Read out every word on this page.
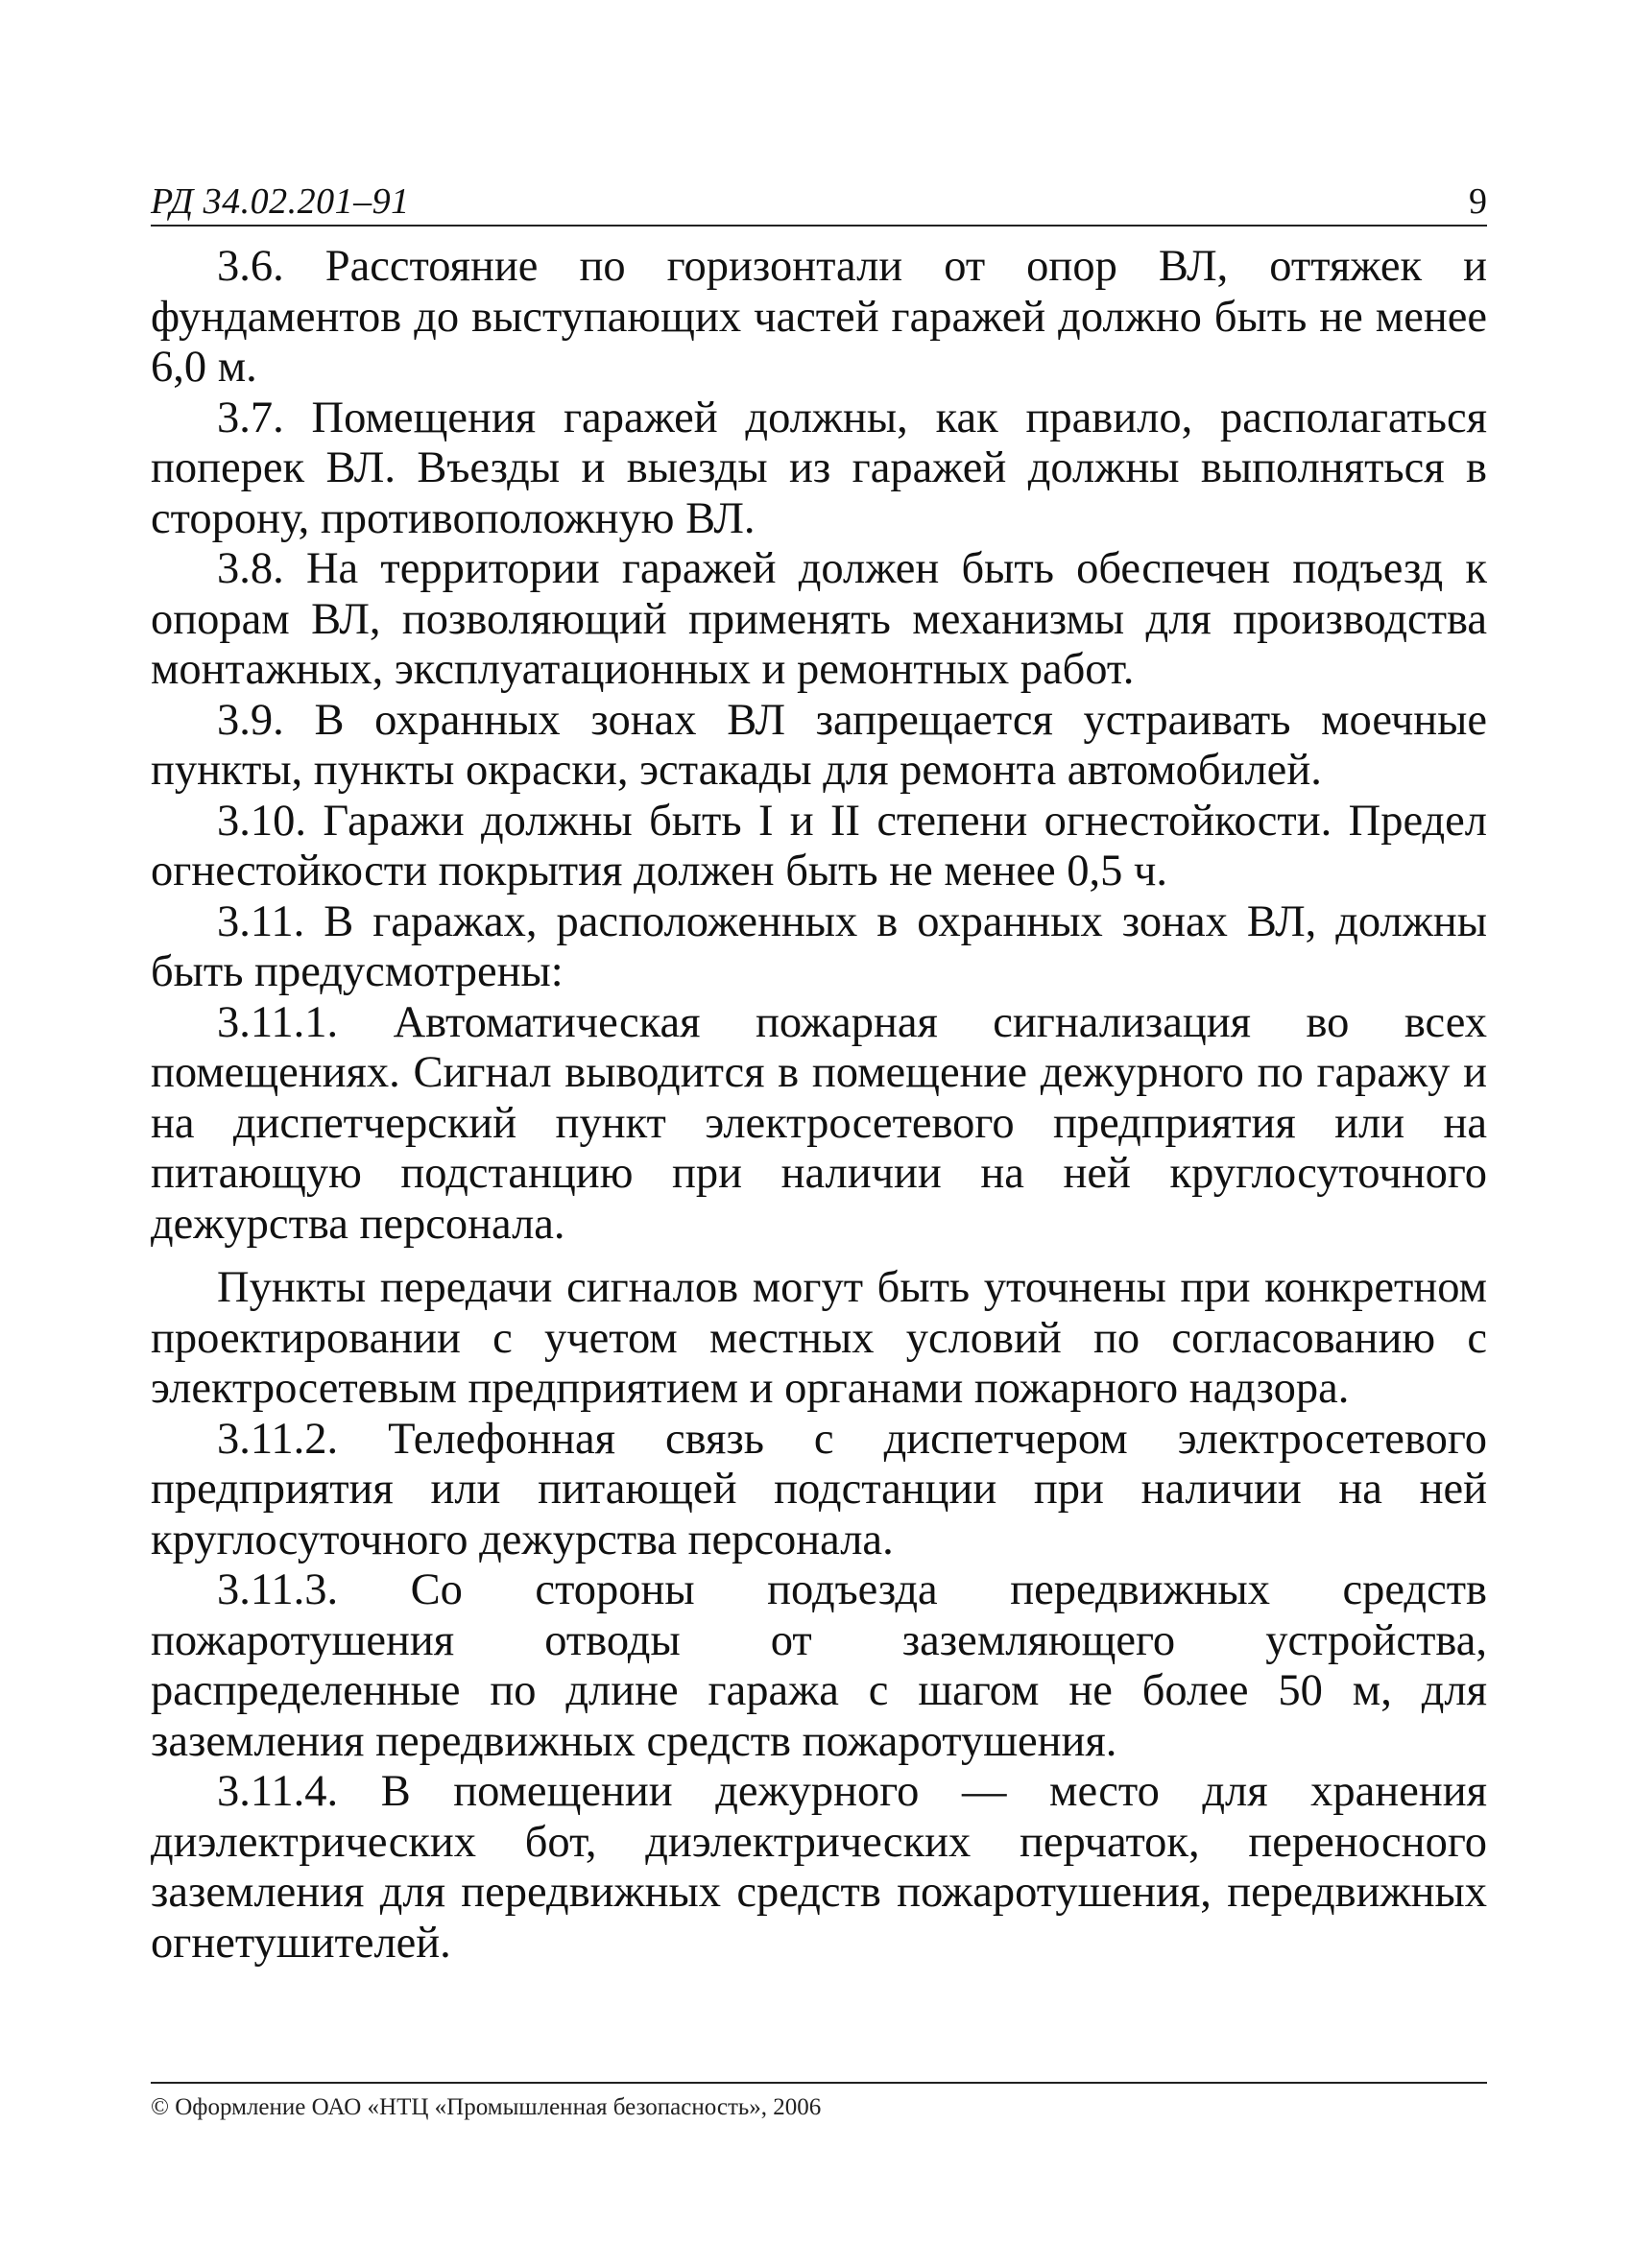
РД 34.02.201–91	9

3.6. Расстояние по горизонтали от опор ВЛ, оттяжек и фундаментов до выступающих частей гаражей должно быть не менее 6,0 м.

3.7. Помещения гаражей должны, как правило, располагаться поперек ВЛ. Въезды и выезды из гаражей должны выполняться в сторону, противоположную ВЛ.

3.8. На территории гаражей должен быть обеспечен подъезд к опорам ВЛ, позволяющий применять механизмы для производства монтажных, эксплуатационных и ремонтных работ.

3.9. В охранных зонах ВЛ запрещается устраивать моечные пункты, пункты окраски, эстакады для ремонта автомобилей.

3.10. Гаражи должны быть I и II степени огнестойкости. Предел огнестойкости покрытия должен быть не менее 0,5 ч.

3.11. В гаражах, расположенных в охранных зонах ВЛ, должны быть предусмотрены:

3.11.1. Автоматическая пожарная сигнализация во всех помещениях. Сигнал выводится в помещение дежурного по гаражу и на диспетчерский пункт электросетевого предприятия или на питающую подстанцию при наличии на ней круглосуточного дежурства персонала.

Пункты передачи сигналов могут быть уточнены при конкретном проектировании с учетом местных условий по согласованию с электросетевым предприятием и органами пожарного надзора.

3.11.2. Телефонная связь с диспетчером электросетевого предприятия или питающей подстанции при наличии на ней круглосуточного дежурства персонала.

3.11.3. Со стороны подъезда передвижных средств пожаротушения отводы от заземляющего устройства, распределенные по длине гаража с шагом не более 50 м, для заземления передвижных средств пожаротушения.

3.11.4. В помещении дежурного — место для хранения диэлектрических бот, диэлектрических перчаток, переносного заземления для передвижных средств пожаротушения, передвижных огнетушителей.

© Оформление ОАО «НТЦ «Промышленная безопасность», 2006
